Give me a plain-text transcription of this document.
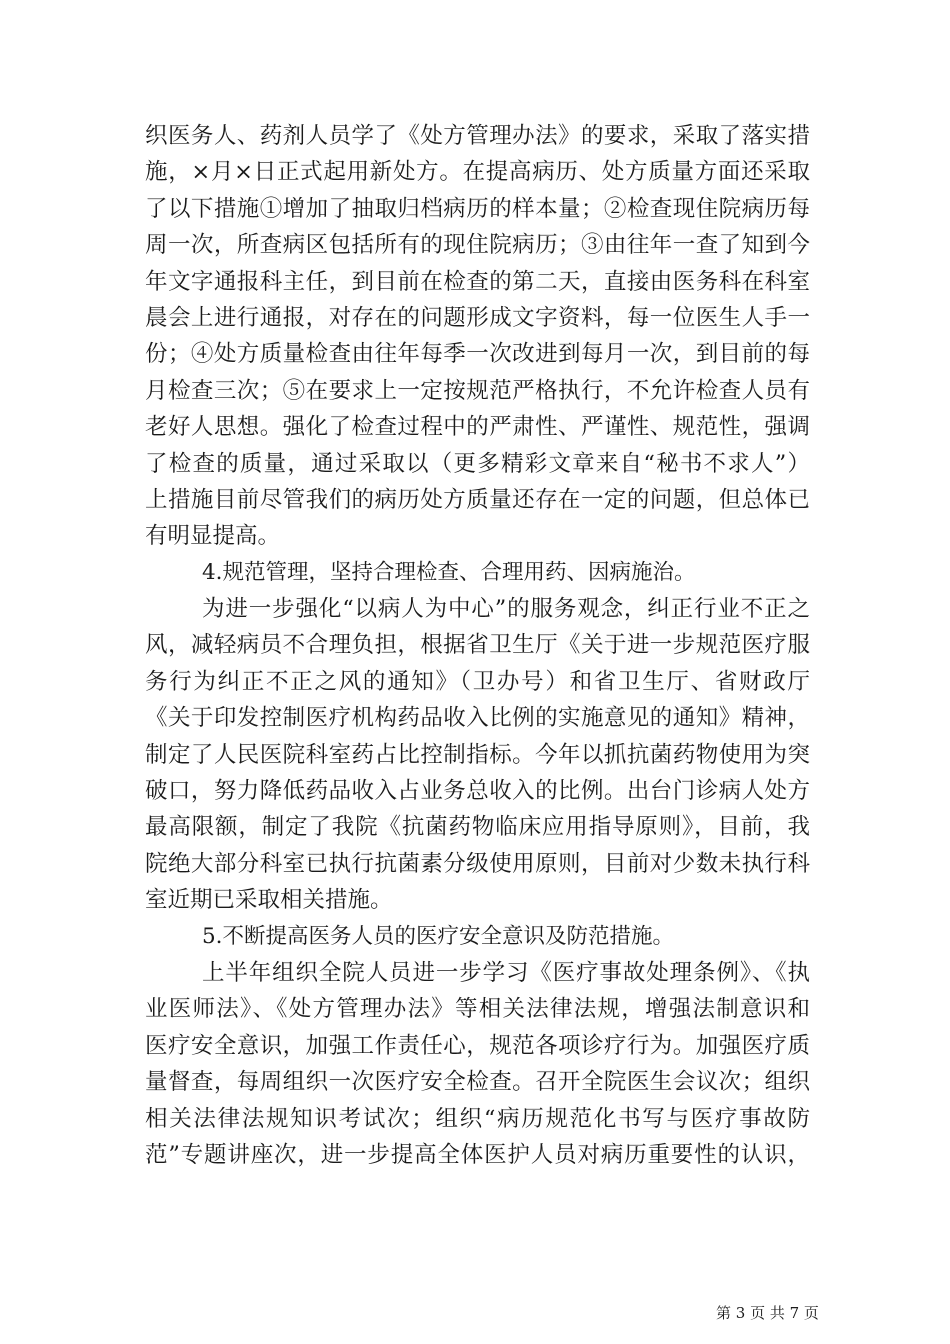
织医务人、药剂人员学了《处方管理办法》的要求，采取了落实措
施，×月×日正式起用新处方。在提高病历、处方质量方面还采取
了以下措施①增加了抽取归档病历的样本量；②检查现住院病历每
周一次，所查病区包括所有的现住院病历；③由往年一查了知到今
年文字通报科主任，到目前在检查的第二天，直接由医务科在科室
晨会上进行通报，对存在的问题形成文字资料，每一位医生人手一
份；④处方质量检查由往年每季一次改进到每月一次，到目前的每
月检查三次；⑤在要求上一定按规范严格执行，不允许检查人员有
老好人思想。强化了检查过程中的严肃性、严谨性、规范性，强调
了检查的质量，通过采取以（更多精彩文章来自“秘书不求人”）
上措施目前尽管我们的病历处方质量还存在一定的问题，但总体已
有明显提高。
4.规范管理，坚持合理检查、合理用药、因病施治。
为进一步强化“以病人为中心”的服务观念，纠正行业不正之
风，减轻病员不合理负担，根据省卫生厅《关于进一步规范医疗服
务行为纠正不正之风的通知》（卫办号）和省卫生厅、省财政厅
《关于印发控制医疗机构药品收入比例的实施意见的通知》精神，
制定了人民医院科室药占比控制指标。今年以抓抗菌药物使用为突
破口，努力降低药品收入占业务总收入的比例。出台门诊病人处方
最高限额，制定了我院《抗菌药物临床应用指导原则》，目前，我
院绝大部分科室已执行抗菌素分级使用原则，目前对少数未执行科
室近期已采取相关措施。
5.不断提高医务人员的医疗安全意识及防范措施。
上半年组织全院人员进一步学习《医疗事故处理条例》、《执
业医师法》、《处方管理办法》等相关法律法规，增强法制意识和
医疗安全意识，加强工作责任心，规范各项诊疗行为。加强医疗质
量督查，每周组织一次医疗安全检查。召开全院医生会议次；组织
相关法律法规知识考试次；组织“病历规范化书写与医疗事故防
范”专题讲座次，进一步提高全体医护人员对病历重要性的认识，
第 3 页 共 7 页
